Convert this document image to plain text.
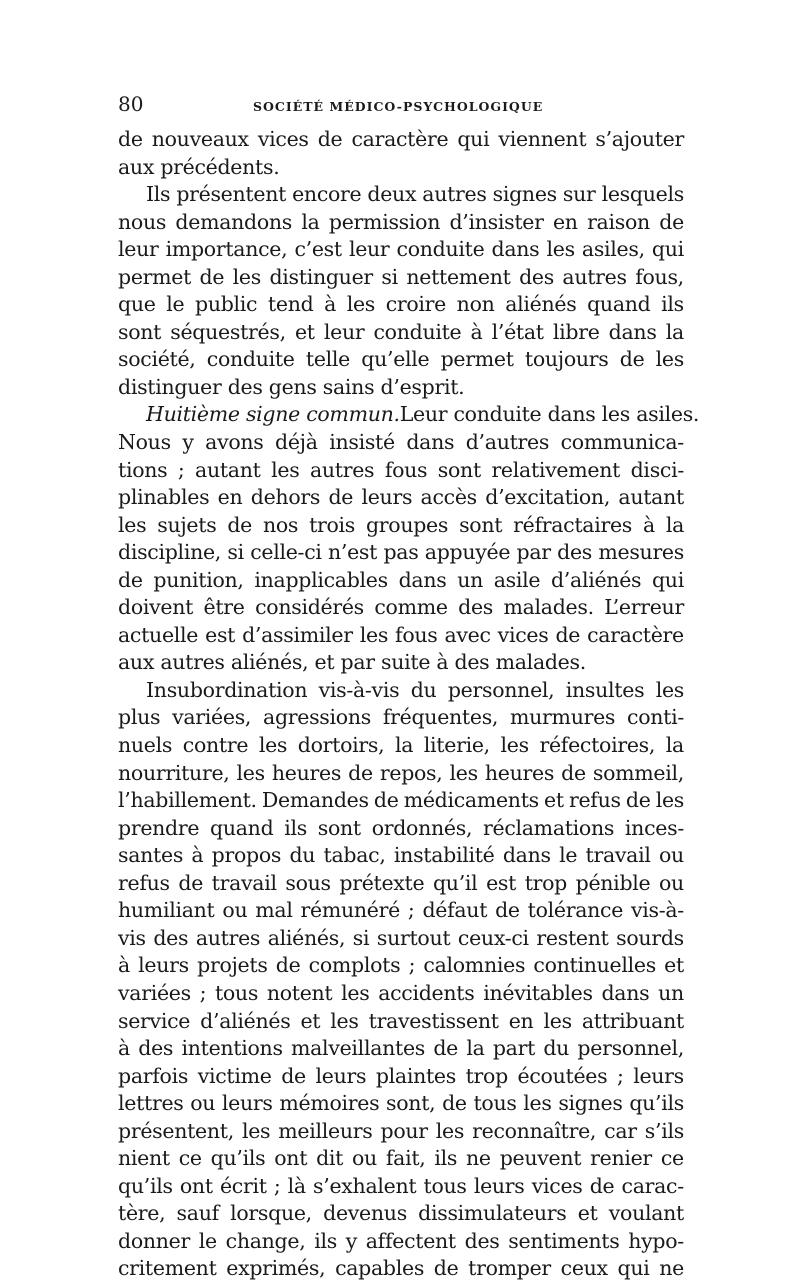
80	SOCIÉTÉ MÉDICO-PSYCHOLOGIQUE
de nouveaux vices de caractère qui viennent s’ajouter
aux précédents.
Ils présentent encore deux autres signes sur lesquels
nous demandons la permission d’insister en raison de
leur importance, c’est leur conduite dans les asiles, qui
permet de les distinguer si nettement des autres fous,
que le public tend à les croire non aliénés quand ils
sont séquestrés, et leur conduite à l’état libre dans la
société, conduite telle qu’elle permet toujours de les
distinguer des gens sains d’esprit.
Huitième signe commun. Leur conduite dans les asiles.
Nous y avons déjà insisté dans d’autres communica-
tions ; autant les autres fous sont relativement disci-
plinables en dehors de leurs accès d’excitation, autant
les sujets de nos trois groupes sont réfractaires à la
discipline, si celle-ci n’est pas appuyée par des mesures
de punition, inapplicables dans un asile d’aliénés qui
doivent être considérés comme des malades. L’erreur
actuelle est d’assimiler les fous avec vices de caractère
aux autres aliénés, et par suite à des malades.
Insubordination vis-à-vis du personnel, insultes les
plus variées, agressions fréquentes, murmures conti-
nuels contre les dortoirs, la literie, les réfectoires, la
nourriture, les heures de repos, les heures de sommeil,
l’habillement. Demandes de médicaments et refus de les
prendre quand ils sont ordonnés, réclamations inces-
santes à propos du tabac, instabilité dans le travail ou
refus de travail sous prétexte qu’il est trop pénible ou
humiliant ou mal rémunéré ; défaut de tolérance vis-à-
vis des autres aliénés, si surtout ceux-ci restent sourds
à leurs projets de complots ; calomnies continuelles et
variées ; tous notent les accidents inévitables dans un
service d’aliénés et les travestissent en les attribuant
à des intentions malveillantes de la part du personnel,
parfois victime de leurs plaintes trop écoutées ; leurs
lettres ou leurs mémoires sont, de tous les signes qu’ils
présentent, les meilleurs pour les reconnaître, car s’ils
nient ce qu’ils ont dit ou fait, ils ne peuvent renier ce
qu’ils ont écrit ; là s’exhalent tous leurs vices de carac-
tère, sauf lorsque, devenus dissimulateurs et voulant
donner le change, ils y affectent des sentiments hypo-
critement exprimés, capables de tromper ceux qui ne
